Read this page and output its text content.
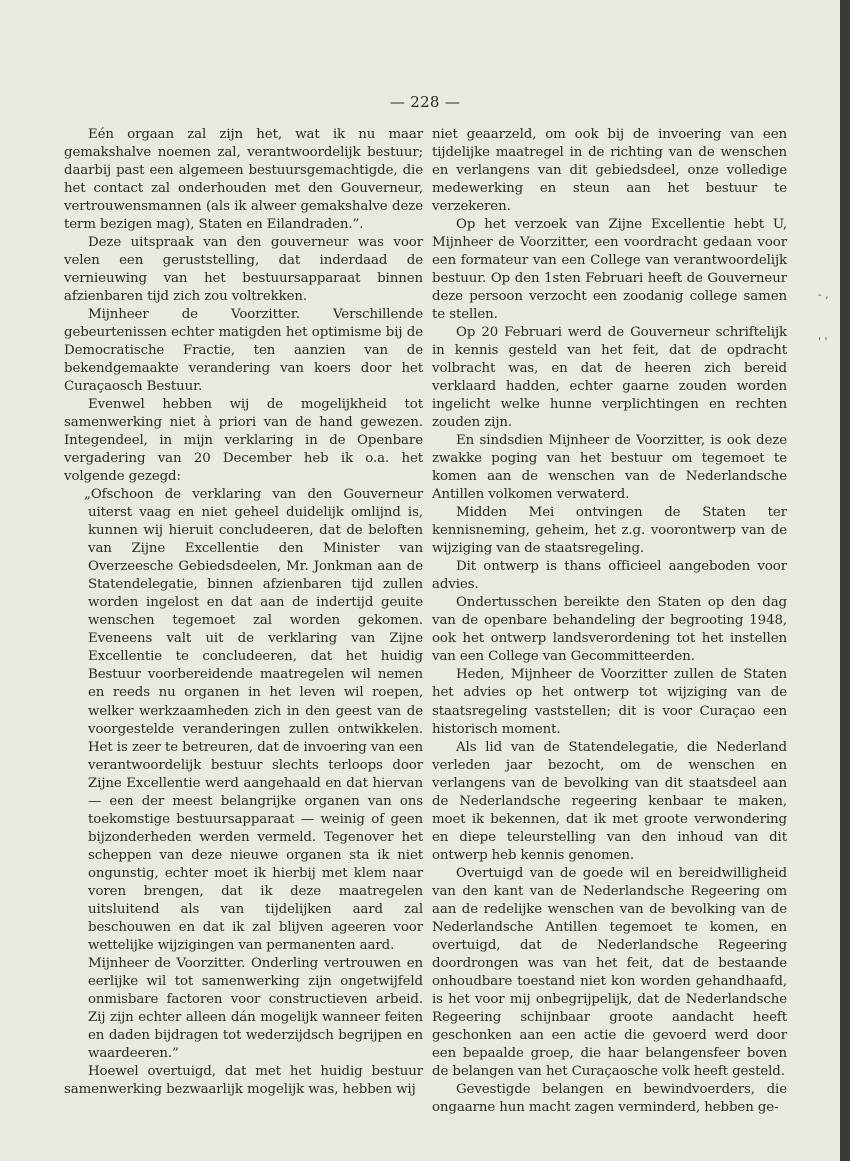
— 228 —

Eén orgaan zal zijn het, wat ik nu maar gemakshalve noemen zal, verantwoordelijk bestuur; daarbij past een algemeen bestuursgemachtigde, die het contact zal onderhouden met den Gouverneur, vertrouwensmannen (als ik alweer gemakshalve deze term bezigen mag), Staten en Eilandraden.”.

Deze uitspraak van den gouverneur was voor velen een geruststelling, dat inderdaad de vernieuwing van het bestuursapparaat binnen afzienbaren tijd zich zou voltrekken.

Mijnheer de Voorzitter. Verschillende gebeurtenissen echter matigden het optimisme bij de Democratische Fractie, ten aanzien van de bekendgemaakte verandering van koers door het Curaçaosch Bestuur.

Evenwel hebben wij de mogelijkheid tot samenwerking niet à priori van de hand gewezen. Integendeel, in mijn verklaring in de Openbare vergadering van 20 December heb ik o.a. het volgende gezegd:

„Ofschoon de verklaring van den Gouverneur uiterst vaag en niet geheel duidelijk omlijnd is, kunnen wij hieruit concludeeren, dat de beloften van Zijne Excellentie den Minister van Overzeesche Gebiedsdeelen, Mr. Jonkman aan de Statendelegatie, binnen afzienbaren tijd zullen worden ingelost en dat aan de indertijd geuite wenschen tegemoet zal worden gekomen. Eveneens valt uit de verklaring van Zijne Excellentie te concludeeren, dat het huidig Bestuur voorbereidende maatregelen wil nemen en reeds nu organen in het leven wil roepen, welker werkzaamheden zich in den geest van de voorgestelde veranderingen zullen ontwikkelen. Het is zeer te betreuren, dat de invoering van een verantwoordelijk bestuur slechts terloops door Zijne Excellentie werd aangehaald en dat hiervan — een der meest belangrijke organen van ons toekomstige bestuursapparaat — weinig of geen bijzonderheden werden vermeld. Tegenover het scheppen van deze nieuwe organen sta ik niet ongunstig, echter moet ik hierbij met klem naar voren brengen, dat ik deze maatregelen uitsluitend als van tijdelijken aard zal beschouwen en dat ik zal blijven ageeren voor wettelijke wijzigingen van permanenten aard.

Mijnheer de Voorzitter. Onderling vertrouwen en eerlijke wil tot samenwerking zijn ongetwijfeld onmisbare factoren voor constructieven arbeid. Zij zijn echter alleen dán mogelijk wanneer feiten en daden bijdragen tot wederzijdsch begrijpen en waardeeren.”

Hoewel overtuigd, dat met het huidig bestuur samenwerking bezwaarlijk mogelijk was, hebben wij

niet geaarzeld, om ook bij de invoering van een tijdelijke maatregel in de richting van de wenschen en verlangens van dit gebiedsdeel, onze volledige medewerking en steun aan het bestuur te verzekeren.

Op het verzoek van Zijne Excellentie hebt U, Mijnheer de Voorzitter, een voordracht gedaan voor een formateur van een College van verantwoordelijk bestuur. Op den 1sten Februari heeft de Gouverneur deze persoon verzocht een zoodanig college samen te stellen.

Op 20 Februari werd de Gouverneur schriftelijk in kennis gesteld van het feit, dat de opdracht volbracht was, en dat de heeren zich bereid verklaard hadden, echter gaarne zouden worden ingelicht welke hunne verplichtingen en rechten zouden zijn.

En sindsdien Mijnheer de Voorzitter, is ook deze zwakke poging van het bestuur om tegemoet te komen aan de wenschen van de Nederlandsche Antillen volkomen verwaterd.

Midden Mei ontvingen de Staten ter kennisneming, geheim, het z.g. voorontwerp van de wijziging van de staatsregeling.

Dit ontwerp is thans officieel aangeboden voor advies.

Ondertusschen bereikte den Staten op den dag van de openbare behandeling der begrooting 1948, ook het ontwerp landsverordening tot het instellen van een College van Gecommitteerden.

Heden, Mijnheer de Voorzitter zullen de Staten het advies op het ontwerp tot wijziging van de staatsregeling vaststellen; dit is voor Curaçao een historisch moment.

Als lid van de Statendelegatie, die Nederland verleden jaar bezocht, om de wenschen en verlangens van de bevolking van dit staatsdeel aan de Nederlandsche regeering kenbaar te maken, moet ik bekennen, dat ik met groote verwondering en diepe teleurstelling van den inhoud van dit ontwerp heb kennis genomen.

Overtuigd van de goede wil en bereidwilligheid van den kant van de Nederlandsche Regeering om aan de redelijke wenschen van de bevolking van de Nederlandsche Antillen tegemoet te komen, en overtuigd, dat de Nederlandsche Regeering doordrongen was van het feit, dat de bestaande onhoudbare toestand niet kon worden gehandhaafd, is het voor mij onbegrijpelijk, dat de Nederlandsche Regeering schijnbaar groote aandacht heeft geschonken aan een actie die gevoerd werd door een bepaalde groep, die haar belangensfeer boven de belangen van het Curaçaosche volk heeft gesteld.

Gevestigde belangen en bewindvoerders, die ongaarne hun macht zagen verminderd, hebben ge-

- ,
' '
